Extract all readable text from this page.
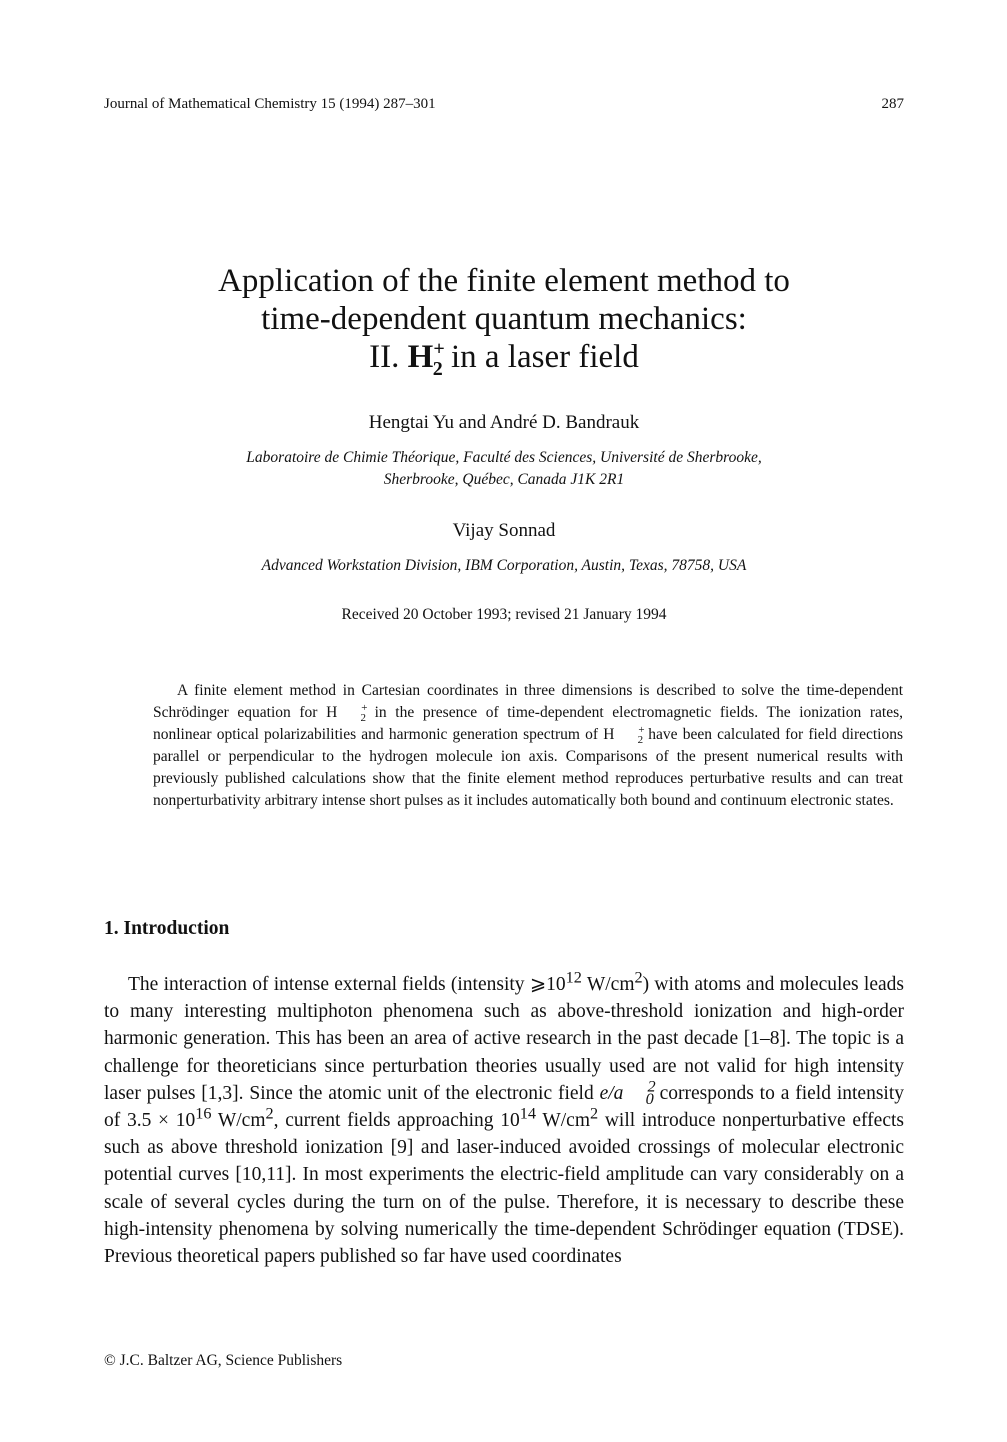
Journal of Mathematical Chemistry 15 (1994) 287–301	287
Application of the finite element method to
time-dependent quantum mechanics:
II. $H^+_2$ in a laser field
Hengtai Yu and André D. Bandrauk
Laboratoire de Chimie Théorique, Faculté des Sciences, Université de Sherbrooke,
Sherbrooke, Québec, Canada J1K 2R1
Vijay Sonnad
Advanced Workstation Division, IBM Corporation, Austin, Texas, 78758, USA
Received 20 October 1993; revised 21 January 1994
A finite element method in Cartesian coordinates in three dimensions is described to solve the time-dependent Schrödinger equation for H +$_2$ in the presence of time-dependent electromagnetic fields. The ionization rates, nonlinear optical polarizabilities and harmonic generation spectrum of H +$_2$ have been calculated for field directions parallel or perpendicular to the hydrogen molecule ion axis. Comparisons of the present numerical results with previously published calculations show that the finite element method reproduces perturbative results and can treat nonperturbativity arbitrary intense short pulses as it includes automatically both bound and continuum electronic states.
1. Introduction
The interaction of intense external fields (intensity $⩾10^{12}$ $W/cm^2$) with atoms and molecules leads to many interesting multiphoton phenomena such as above-threshold ionization and high-order harmonic generation. This has been an area of active research in the past decade [1–8]. The topic is a challenge for theoreticians since perturbation theories usually used are not valid for high intensity laser pulses [1,3]. Since the atomic unit of the electronic field e/a $^2_0$ corresponds to a field intensity of $3.5 \times 10^{16}$ $W/cm^2$, current fields approaching $10^{14}$ $W/cm^2$ will introduce nonperturbative effects such as above threshold ionization [9] and laser-induced avoided crossings of molecular electronic potential curves [10,11]. In most experiments the electric-field amplitude can vary considerably on a scale of several cycles during the turn on of the pulse. Therefore, it is necessary to describe these high-intensity phenomena by solving numerically the time-dependent Schrödinger equation (TDSE). Previous theoretical papers published so far have used coordinates
© J.C. Baltzer AG, Science Publishers
